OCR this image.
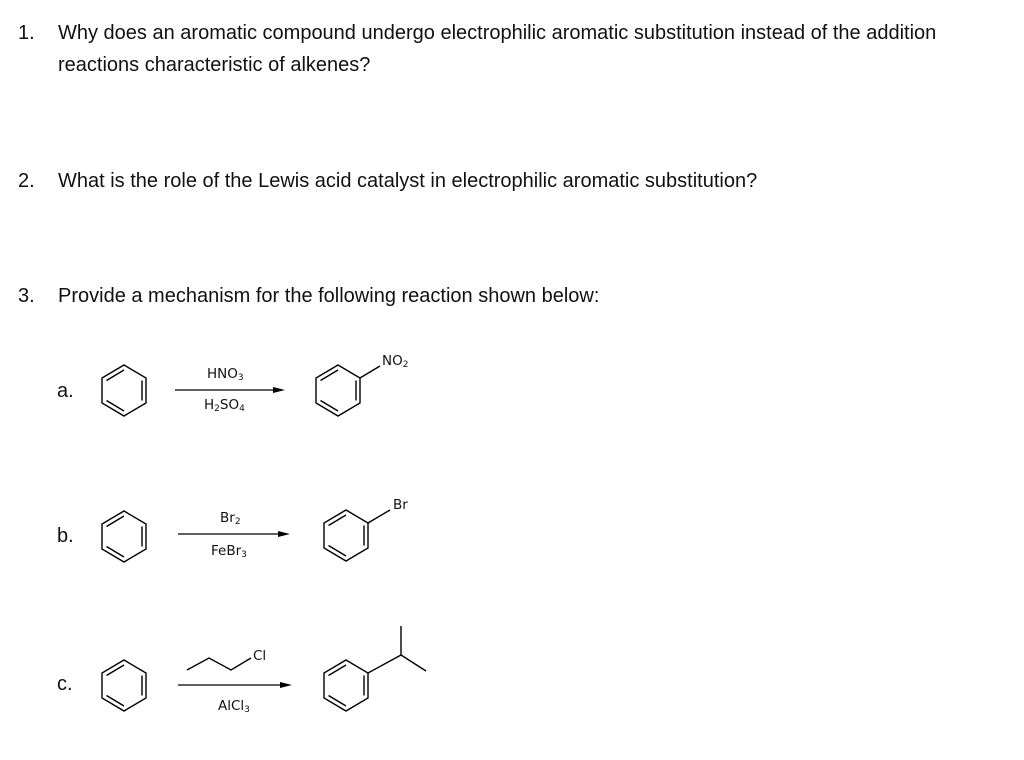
1. Why does an aromatic compound undergo electrophilic aromatic substitution instead of the addition
reactions characteristic of alkenes?
2. What is the role of the Lewis acid catalyst in electrophilic aromatic substitution?
3. Provide a mechanism for the following reaction shown below:
a.
$HNO_3$
$H_2SO_4$
$NO_2$
b.
$Br_2$
FeBr$_3$
Br
c.
Cl
AlCl$_3$
